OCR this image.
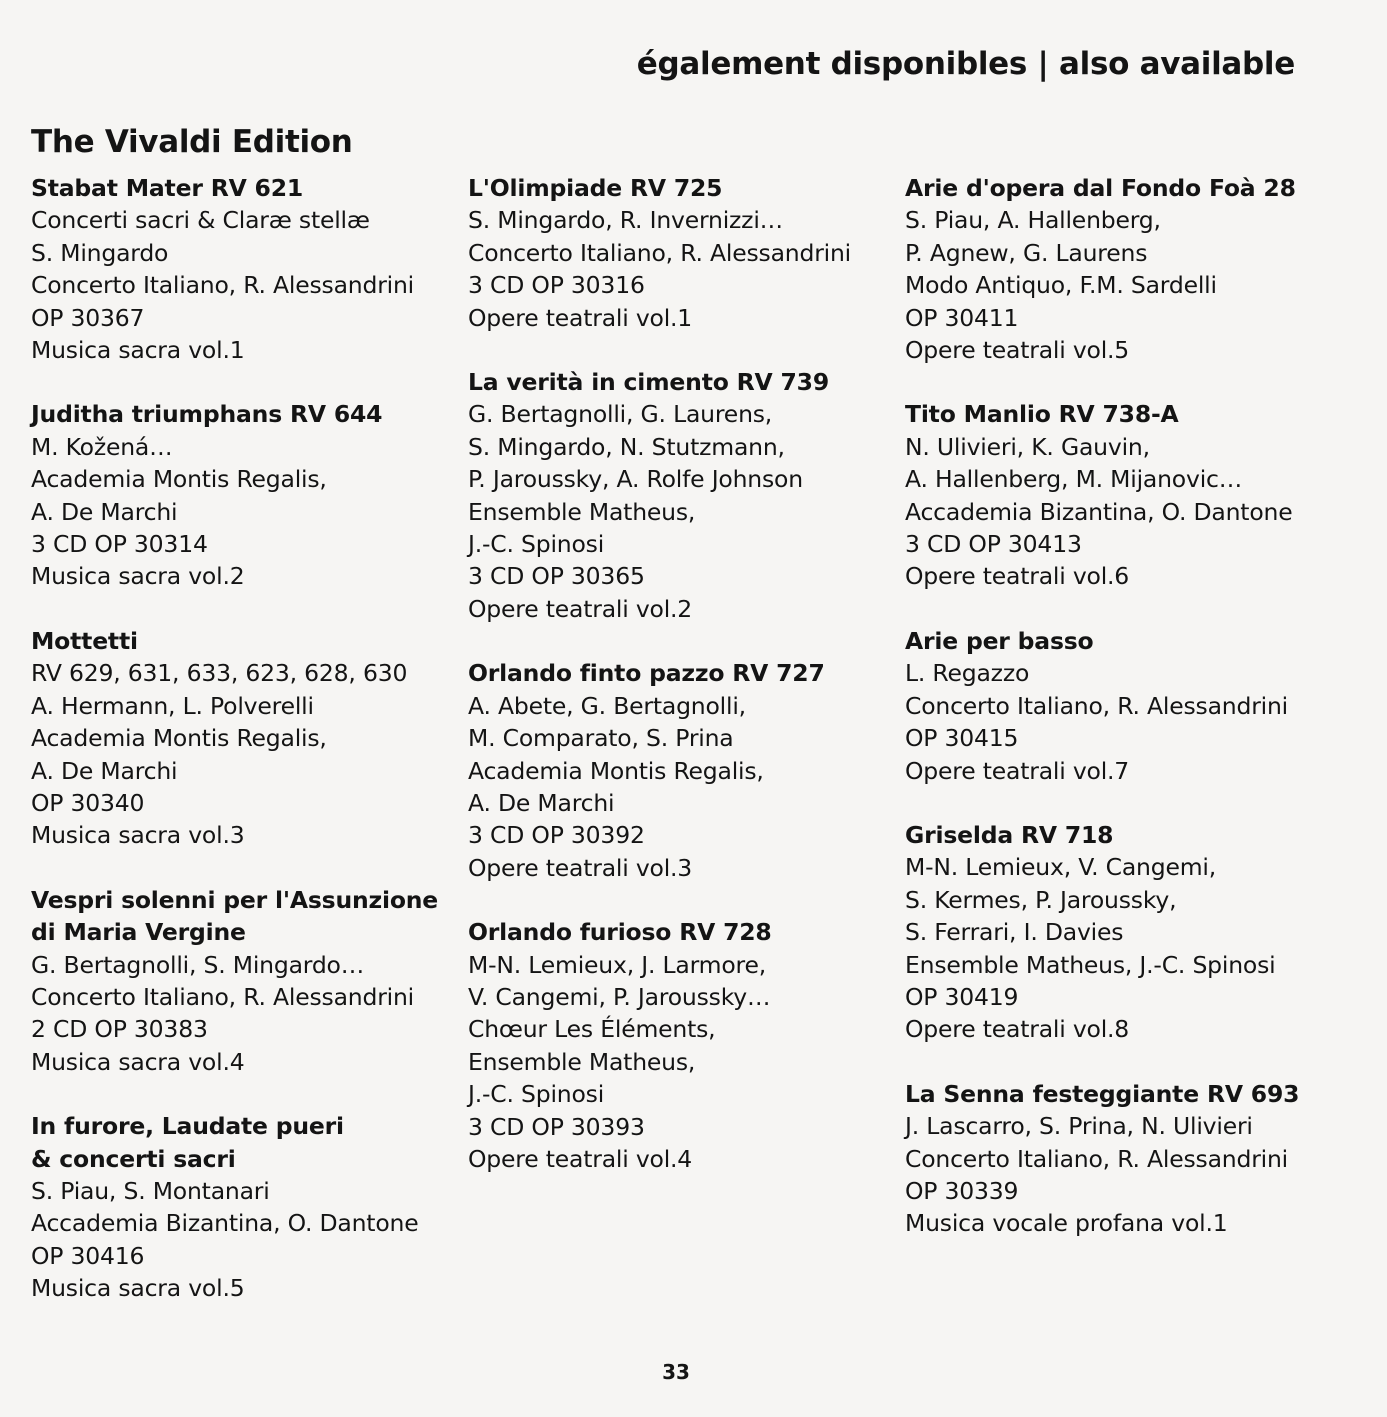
également disponibles | also available
The Vivaldi Edition
Stabat Mater RV 621
Concerti sacri & Claræ stellæ
S. Mingardo
Concerto Italiano, R. Alessandrini
OP 30367
Musica sacra vol.1
Juditha triumphans RV 644
M. Kožená…
Academia Montis Regalis,
A. De Marchi
3 CD OP 30314
Musica sacra vol.2
Mottetti
RV 629, 631, 633, 623, 628, 630
A. Hermann, L. Polverelli
Academia Montis Regalis,
A. De Marchi
OP 30340
Musica sacra vol.3
Vespri solenni per l'Assunzione
di Maria Vergine
G. Bertagnolli, S. Mingardo…
Concerto Italiano, R. Alessandrini
2 CD OP 30383
Musica sacra vol.4
In furore, Laudate pueri
& concerti sacri
S. Piau, S. Montanari
Accademia Bizantina, O. Dantone
OP 30416
Musica sacra vol.5
L'Olimpiade RV 725
S. Mingardo, R. Invernizzi…
Concerto Italiano, R. Alessandrini
3 CD OP 30316
Opere teatrali vol.1
La verità in cimento RV 739
G. Bertagnolli, G. Laurens,
S. Mingardo, N. Stutzmann,
P. Jaroussky, A. Rolfe Johnson
Ensemble Matheus,
J.-C. Spinosi
3 CD OP 30365
Opere teatrali vol.2
Orlando finto pazzo RV 727
A. Abete, G. Bertagnolli,
M. Comparato, S. Prina
Academia Montis Regalis,
A. De Marchi
3 CD OP 30392
Opere teatrali vol.3
Orlando furioso RV 728
M-N. Lemieux, J. Larmore,
V. Cangemi, P. Jaroussky…
Chœur Les Éléments,
Ensemble Matheus,
J.-C. Spinosi
3 CD OP 30393
Opere teatrali vol.4
Arie d'opera dal Fondo Foà 28
S. Piau, A. Hallenberg,
P. Agnew, G. Laurens
Modo Antiquo, F.M. Sardelli
OP 30411
Opere teatrali vol.5
Tito Manlio RV 738-A
N. Ulivieri, K. Gauvin,
A. Hallenberg, M. Mijanovic…
Accademia Bizantina, O. Dantone
3 CD OP 30413
Opere teatrali vol.6
Arie per basso
L. Regazzo
Concerto Italiano, R. Alessandrini
OP 30415
Opere teatrali vol.7
Griselda RV 718
M-N. Lemieux, V. Cangemi,
S. Kermes, P. Jaroussky,
S. Ferrari, I. Davies
Ensemble Matheus, J.-C. Spinosi
OP 30419
Opere teatrali vol.8
La Senna festeggiante RV 693
J. Lascarro, S. Prina, N. Ulivieri
Concerto Italiano, R. Alessandrini
OP 30339
Musica vocale profana vol.1
33
